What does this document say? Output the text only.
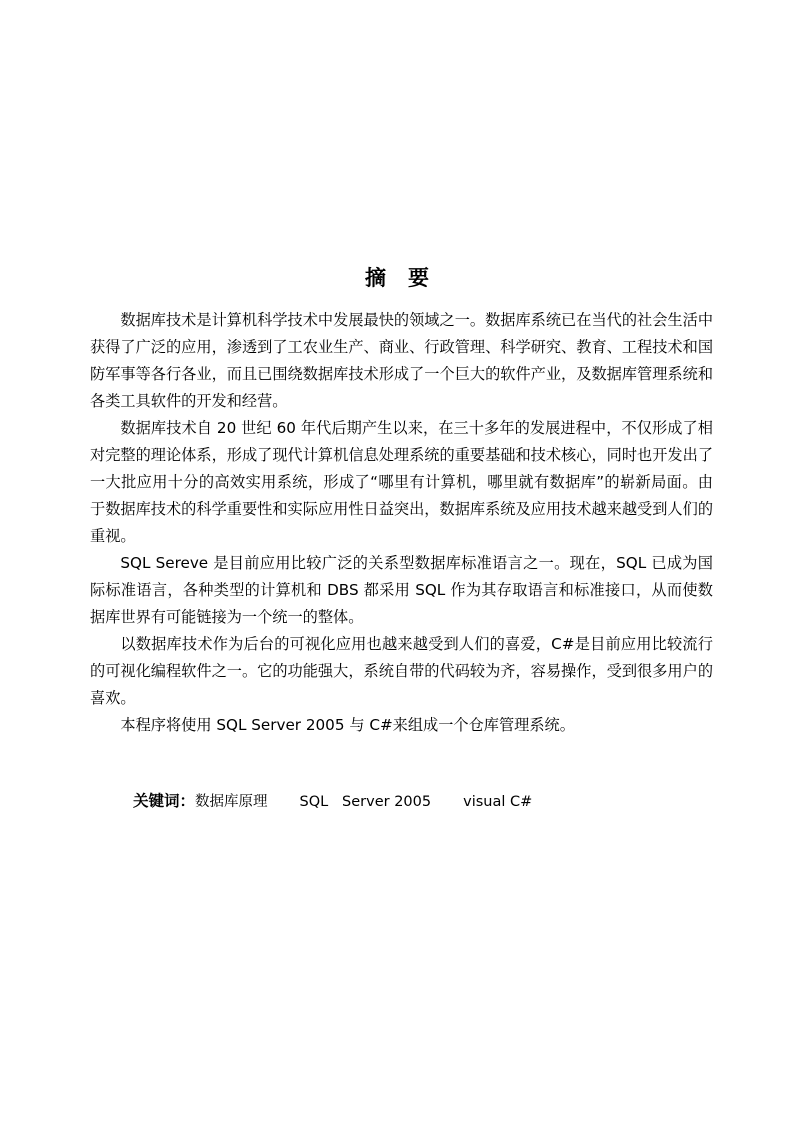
摘要

数据库技术是计算机科学技术中发展最快的领域之一。数据库系统已在当代的社会生活中获得了广泛的应用，渗透到了工农业生产、商业、行政管理、科学研究、教育、工程技术和国防军事等各行各业，而且已围绕数据库技术形成了一个巨大的软件产业，及数据库管理系统和各类工具软件的开发和经营。

数据库技术自 20 世纪 60 年代后期产生以来，在三十多年的发展进程中，不仅形成了相对完整的理论体系，形成了现代计算机信息处理系统的重要基础和技术核心，同时也开发出了一大批应用十分的高效实用系统，形成了“哪里有计算机，哪里就有数据库”的崭新局面。由于数据库技术的科学重要性和实际应用性日益突出，数据库系统及应用技术越来越受到人们的重视。

SQL Sereve 是目前应用比较广泛的关系型数据库标准语言之一。现在，SQL 已成为国际标准语言，各种类型的计算机和 DBS 都采用 SQL 作为其存取语言和标准接口，从而使数据库世界有可能链接为一个统一的整体。

以数据库技术作为后台的可视化应用也越来越受到人们的喜爱，C#是目前应用比较流行的可视化编程软件之一。它的功能强大，系统自带的代码较为齐，容易操作，受到很多用户的喜欢。

本程序将使用 SQL Server 2005 与 C#来组成一个仓库管理系统。

关键词：数据库原理 SQL   Server 2005 visual C#
